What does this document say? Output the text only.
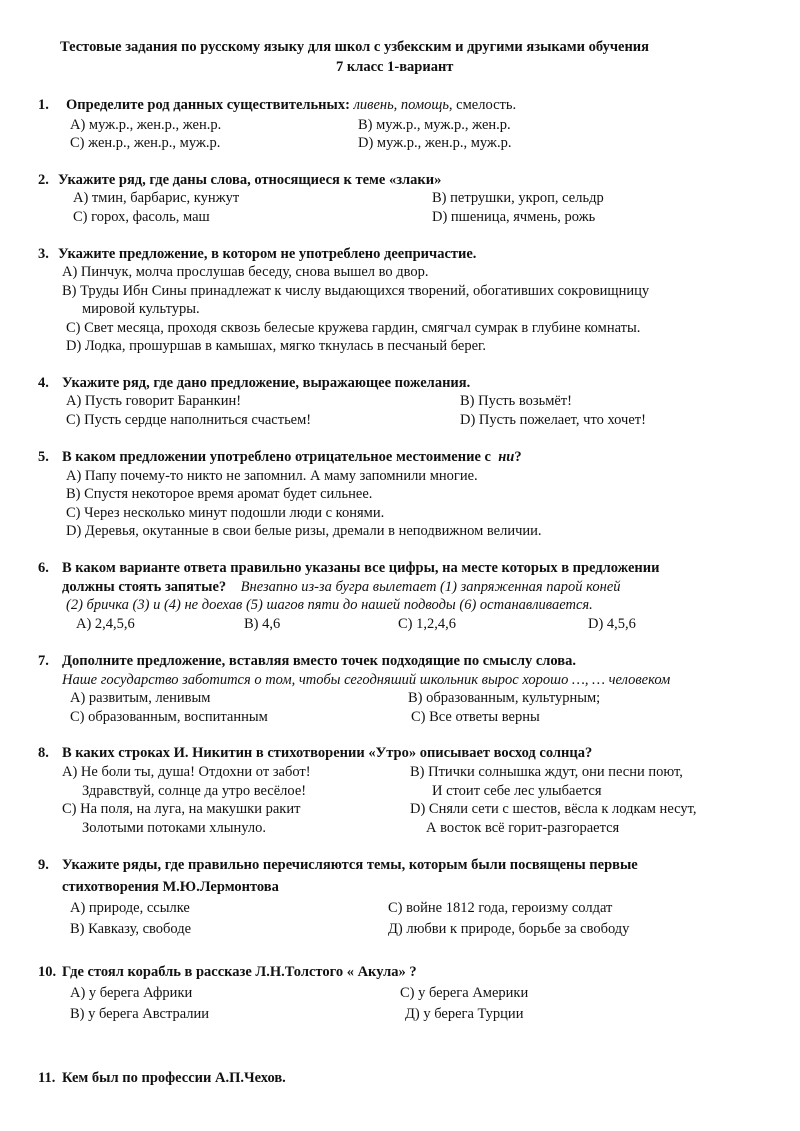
Тестовые задания по русскому языку для школ с узбекским и другими языками обучения
7 класс 1-вариант
1. Определите род данных существительных: ливень, помощь, смелость.
А) муж.р., жен.р., жен.р.	В) муж.р., муж.р., жен.р.
С) жен.р., жен.р., муж.р.	D) муж.р., жен.р., муж.р.
2. Укажите ряд, где даны слова, относящиеся к теме «злаки»
А) тмин, барбарис, кунжут	В) петрушки, укроп, сельдр
С) горох, фасоль, маш	D) пшеница, ячмень, рожь
3. Укажите предложение, в котором не употреблено деепричастие.
А) Пинчук, молча прослушав беседу, снова вышел во двор.
В) Труды Ибн Сины принадлежат к числу выдающихся творений, обогативших сокровищницу
мировой культуры.
С) Свет месяца, проходя сквозь белесые кружева гардин, смягчал сумрак в глубине комнаты.
D) Лодка, прошуршав в камышах, мягко ткнулась в песчаный берег.
4. Укажите ряд, где дано предложение, выражающее пожелания.
А) Пусть говорит Баранкин!	В) Пусть возьмёт!
С) Пусть сердце наполниться счастьем!	D) Пусть пожелает, что хочет!
5. В каком предложении употреблено отрицательное местоимение с ни?
А) Папу почему-то никто не запомнил. А маму запомнили многие.
В) Спустя некоторое время аромат будет сильнее.
С) Через несколько минут подошли люди с конями.
D) Деревья, окутанные в свои белые ризы, дремали в неподвижном величии.
6. В каком варианте ответа правильно указаны все цифры, на месте которых в предложении
должны стоять запятые? Внезапно из-за бугра вылетает (1) запряженная парой коней
(2) бричка (3) и (4) не доехав (5) шагов пяти до нашей подводы (6) останавливается.
А) 2,4,5,6	В) 4,6	С) 1,2,4,6	D) 4,5,6
7. Дополните предложение, вставляя вместо точек подходящие по смыслу слова.
Наше государство заботится о том, чтобы сегодняший школьник вырос хорошо …, … человеком
А) развитым, ленивым	В) образованным, культурным;
С) образованным, воспитанным	С) Все ответы верны
8. В каких строках И. Никитин в стихотворении «Утро» описывает восход солнца?
А) Не боли ты, душа! Отдохни от забот!
Здравствуй, солнце да утро весёлое!
В) Птички солнышка ждут, они песни поют,
И стоит себе лес улыбается
С) На поля, на луга, на макушки ракит
Золотыми потоками хлынуло.
D) Сняли сети с шестов, вёсла к лодкам несут,
А восток всё горит-разгорается
9. Укажите ряды, где правильно перечисляются темы, которым были посвящены первые
стихотворения М.Ю.Лермонтова
А) природе, ссылке	С) войне 1812 года, героизму солдат
В) Кавказу, свободе	Д) любви к природе, борьбе за свободу
10. Где стоял корабль в рассказе Л.Н.Толстого « Акула» ?
А) у берега Африки	С) у берега Америки
В) у берега Австралии	Д) у берега Турции
11. Кем был по профессии А.П.Чехов.
